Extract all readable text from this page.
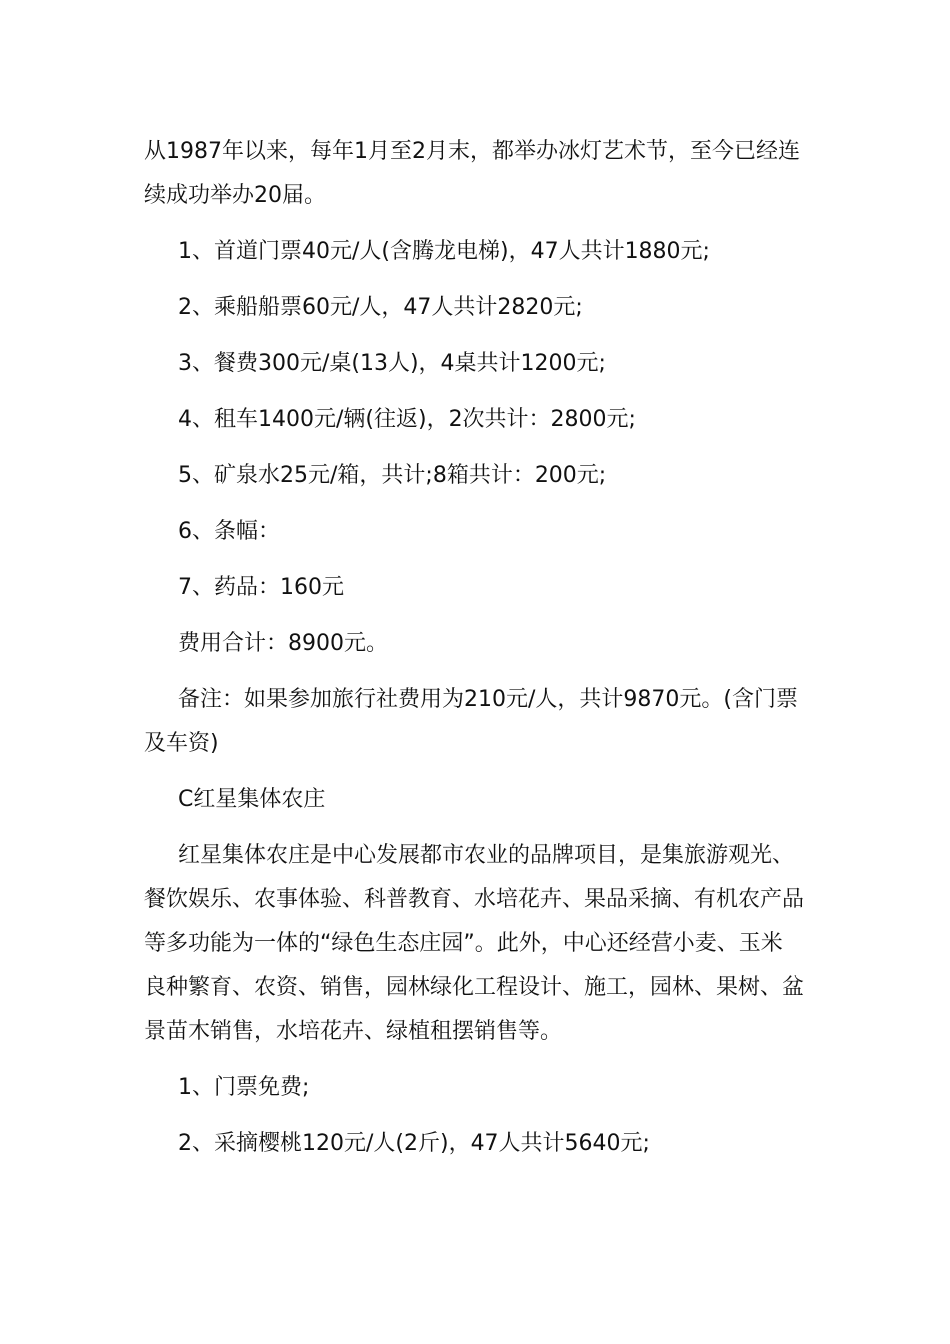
从1987年以来，每年1月至2月末，都举办冰灯艺术节，至今已经连续成功举办20届。

1、首道门票40元/人(含腾龙电梯)，47人共计1880元;

2、乘船船票60元/人，47人共计2820元;

3、餐费300元/桌(13人)，4桌共计1200元;

4、租车1400元/辆(往返)，2次共计：2800元;

5、矿泉水25元/箱，共计;8箱共计：200元;

6、条幅：

7、药品：160元

费用合计：8900元。

备注：如果参加旅行社费用为210元/人，共计9870元。(含门票及车资)

C红星集体农庄

红星集体农庄是中心发展都市农业的品牌项目，是集旅游观光、餐饮娱乐、农事体验、科普教育、水培花卉、果品采摘、有机农产品等多功能为一体的“绿色生态庄园”。此外，中心还经营小麦、玉米良种繁育、农资、销售，园林绿化工程设计、施工，园林、果树、盆景苗木销售，水培花卉、绿植租摆销售等。

1、门票免费;

2、采摘樱桃120元/人(2斤)，47人共计5640元;
